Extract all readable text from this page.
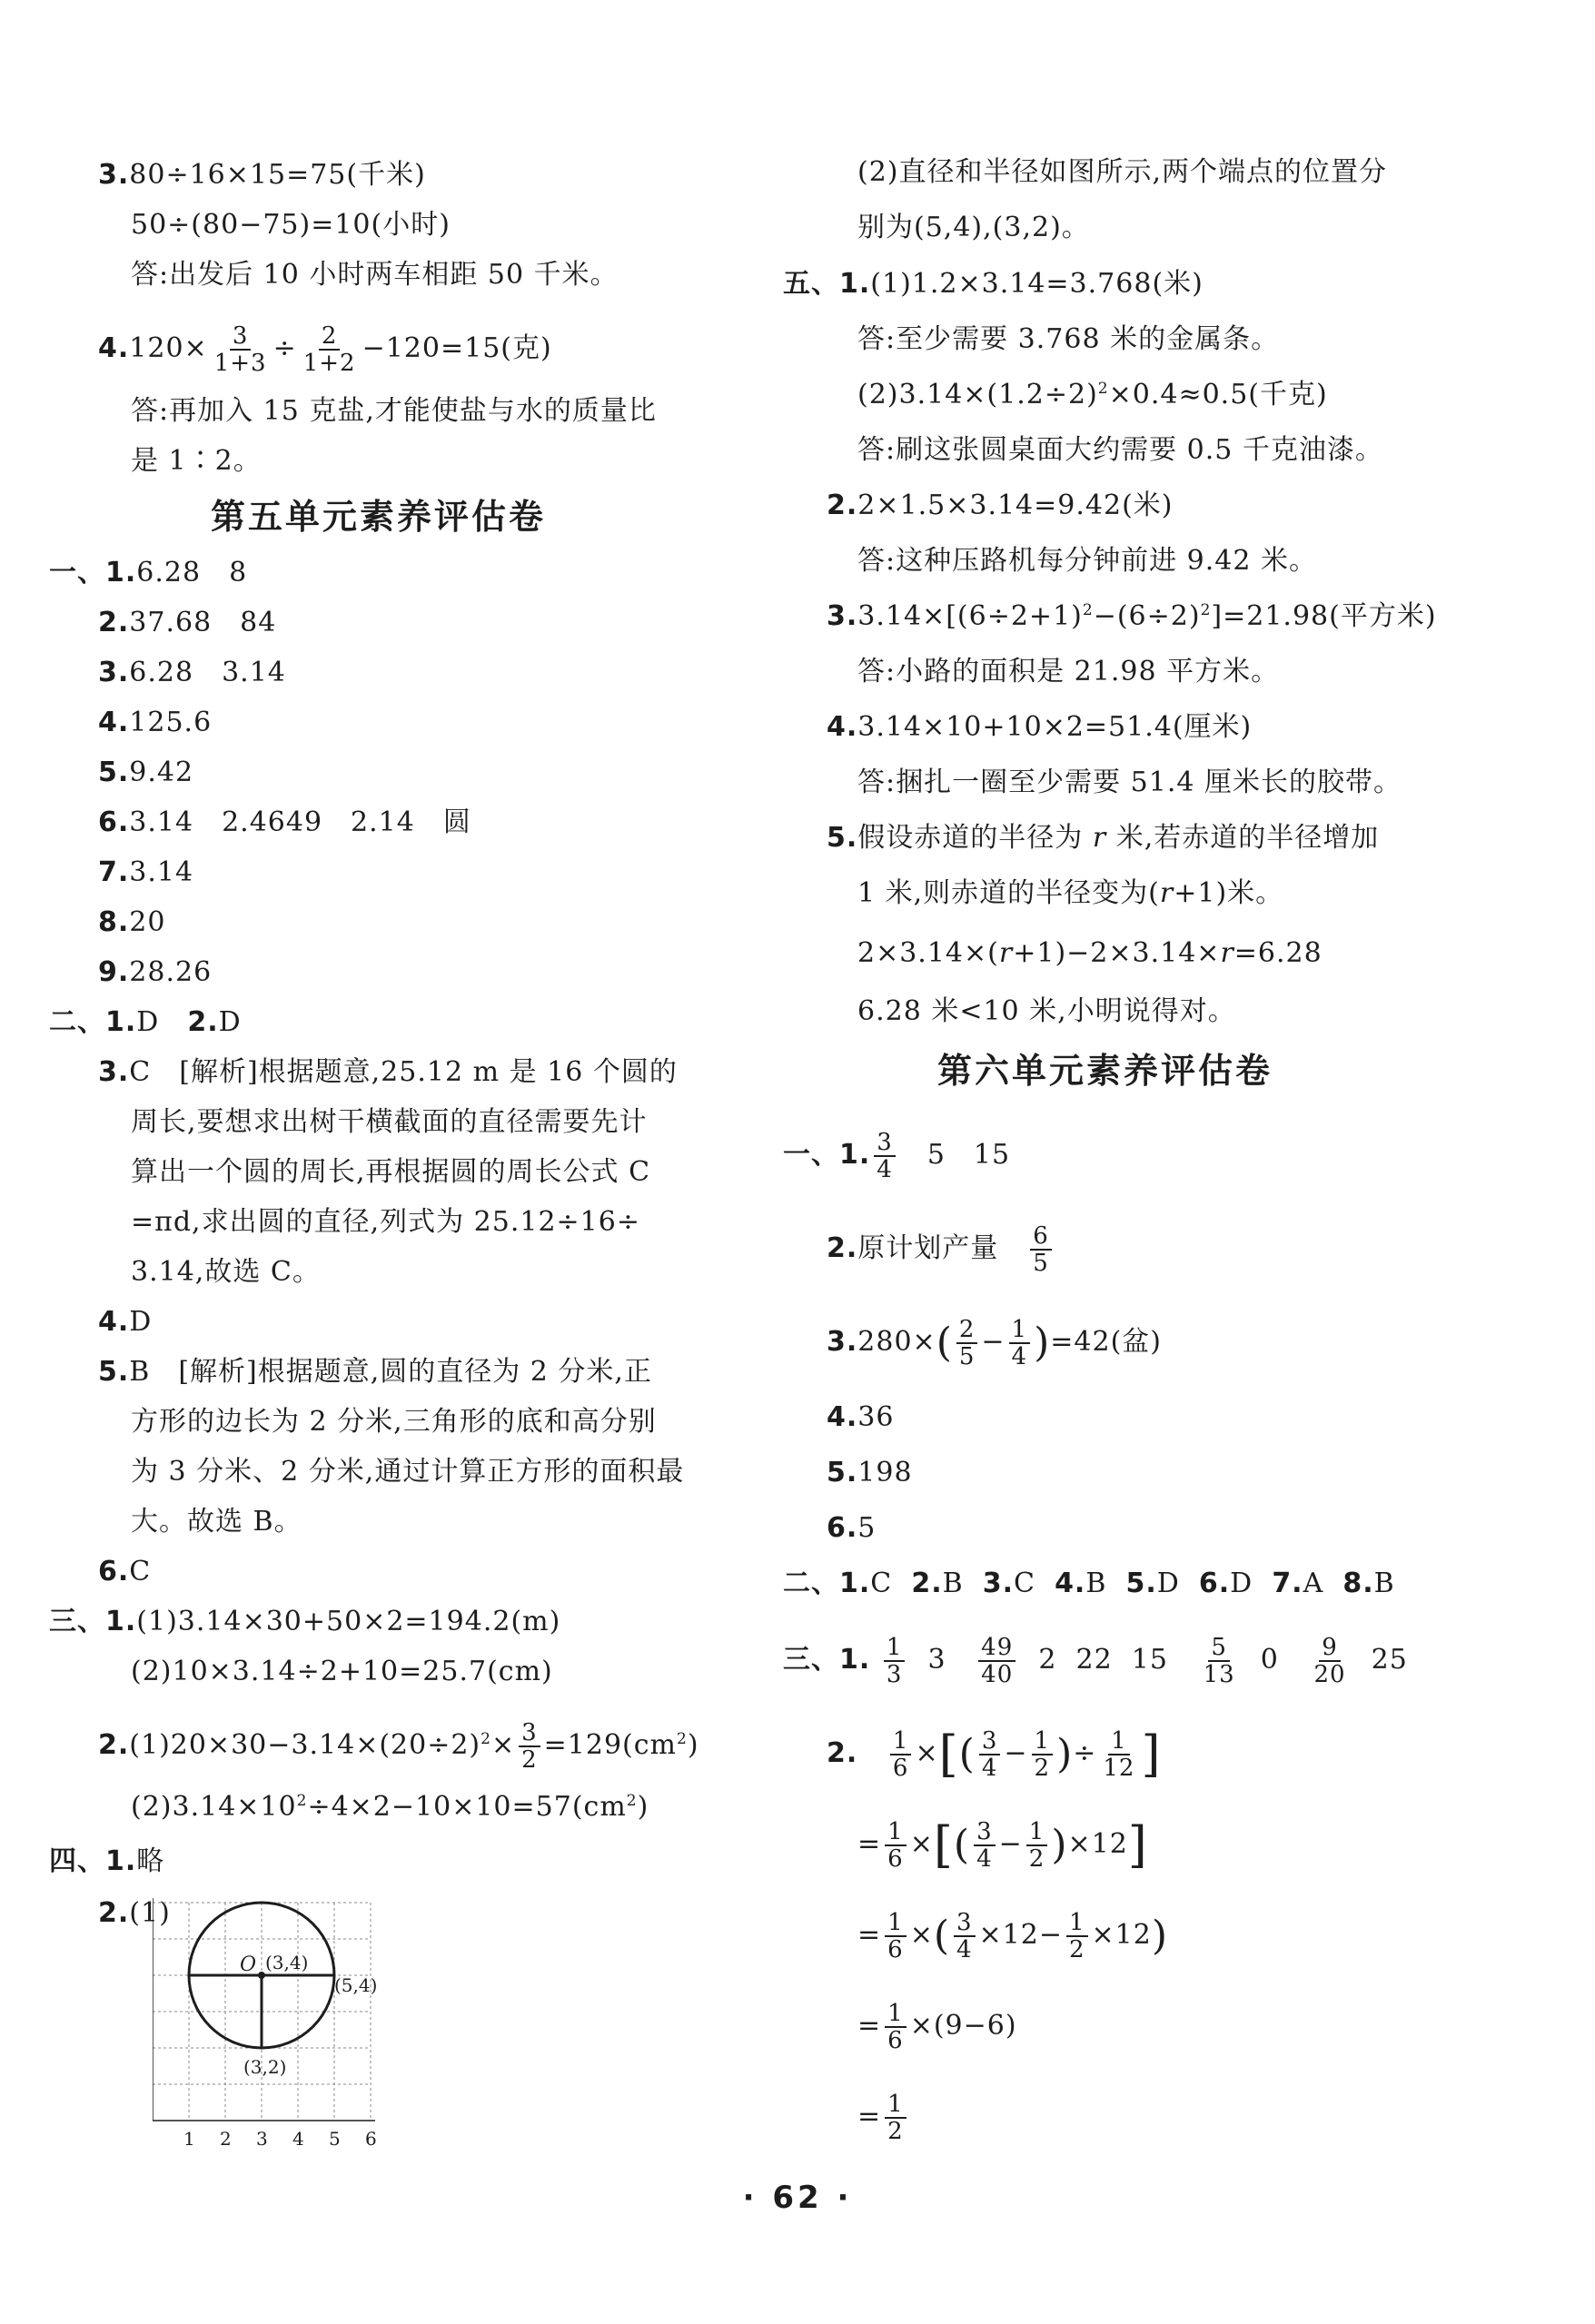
3.80÷16×15=75(千米)
50÷(80−75)=10(小时)
答:出发后 10 小时两车相距 50 千米。
$4.120\times \frac{3}{1+3} \div \frac{2}{1+2} -120=15$(克)
答:再加入 15 克盐,才能使盐与水的质量比
是 1∶2。
第五单元素养评估卷
一、1.6.28　8
2.37.68　84
3.6.28　3.14
4.125.6
5.9.42
6.3.14　2.4649　2.14　圆
7.3.14
8.20
9.28.26
二、1.D　2.D
3.C　[解析]根据题意,25.12 m 是 16 个圆的
周长,要想求出树干横截面的直径需要先计
算出一个圆的周长,再根据圆的周长公式 C
=πd,求出圆的直径,列式为 25.12÷16÷
3.14,故选 C。
4.D
5.B　[解析]根据题意,圆的直径为 2 分米,正
方形的边长为 2 分米,三角形的底和高分别
为 3 分米、2 分米,通过计算正方形的面积最
大。故选 B。
6.C
三、1.(1)3.14×30+50×2=194.2(m)
(2)10×3.14÷2+10=25.7(cm)
$2.(1)20\times 30-3.14\times(20\div 2)^2\times \frac{3}{2} =129(cm^2)$
$(2)3.14\times 10^2\div 4\times 2-10\times 10=57(cm^2)$
四、1.略
2.(1)
1 2 3 4 5 6
O (3,4)
(5,4)
(3,2)
(2)直径和半径如图所示,两个端点的位置分
别为(5,4),(3,2)。
五、1.(1)1.2×3.14=3.768(米)
答:至少需要 3.768 米的金属条。
$(2)3.14\times(1.2\div 2)^2\times 0.4\approx 0.5$(千克)
答:刷这张圆桌面大约需要 0.5 千克油漆。
2.2×1.5×3.14=9.42(米)
答:这种压路机每分钟前进 9.42 米。
$3.3.14\times[(6\div 2+1)^2-(6\div 2)^2]=21.98$(平方米)
答:小路的面积是 21.98 平方米。
4.3.14×10+10×2=51.4(厘米)
答:捆扎一圈至少需要 51.4 厘米长的胶带。
5.假设赤道的半径为 r 米,若赤道的半径增加
1 米,则赤道的半径变为(r+1)米。
2×3.14×(r+1)−2×3.14×r=6.28
6.28 米<10 米,小明说得对。
第六单元素养评估卷
一、1. $\frac{3}{4}$ 　5　15
2.原计划产量　 $\frac{6}{5}$
$3.280\times( \frac{2}{5} - \frac{1}{4} )=42$(盆)
4.36
5.198
6.5
二、1.C 2.B 3.C 4.B 5.D 6.D 7.A 8.B
三、1. $\frac{1}{3} 3 \frac{49}{40} 2$ 22 $15 \frac{5}{13} 0 \frac{9}{20} 25$
2. $\frac{1}{6}$ ×[( $\frac{3}{4} - \frac{1}{2}$ )÷ $\frac{1}{12}$ ]
= $\frac{1}{6}$ ×[( $\frac{3}{4} - \frac{1}{2} )\times 12$]
= $\frac{1}{6}$ ×( $\frac{3}{4} \times 12- \frac{1}{2} \times 12$)
= $\frac{1}{6} \times(9-6)$
= $\frac{1}{2}$
· 62 ·
